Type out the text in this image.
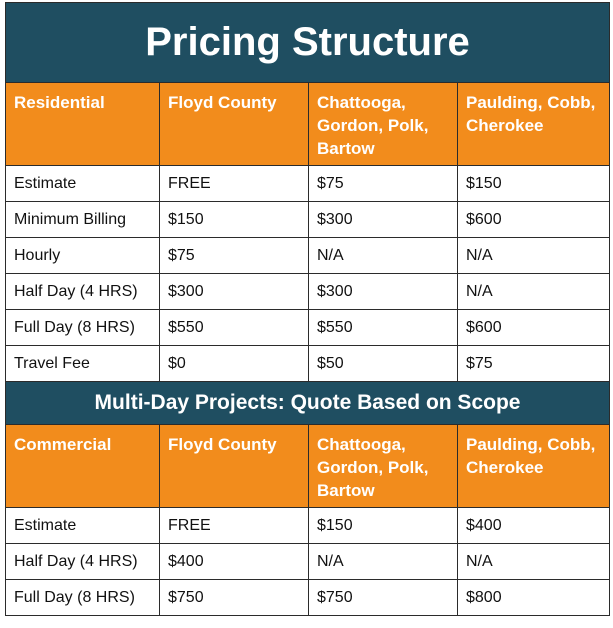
Pricing Structure			
Residential	Floyd County	Chattooga, Gordon, Polk, Bartow	Paulding, Cobb, Cherokee
Estimate	FREE	$75	$150
Minimum Billing	$150	$300	$600
Hourly	$75	N/A	N/A
Half Day (4 HRS)	$300	$300	N/A
Full Day (8 HRS)	$550	$550	$600
Travel Fee	$0	$50	$75
Multi-Day Projects: Quote Based on Scope			
Commercial	Floyd County	Chattooga, Gordon, Polk, Bartow	Paulding, Cobb, Cherokee
Estimate	FREE	$150	$400
Half Day (4 HRS)	$400	N/A	N/A
Full Day (8 HRS)	$750	$750	$800
